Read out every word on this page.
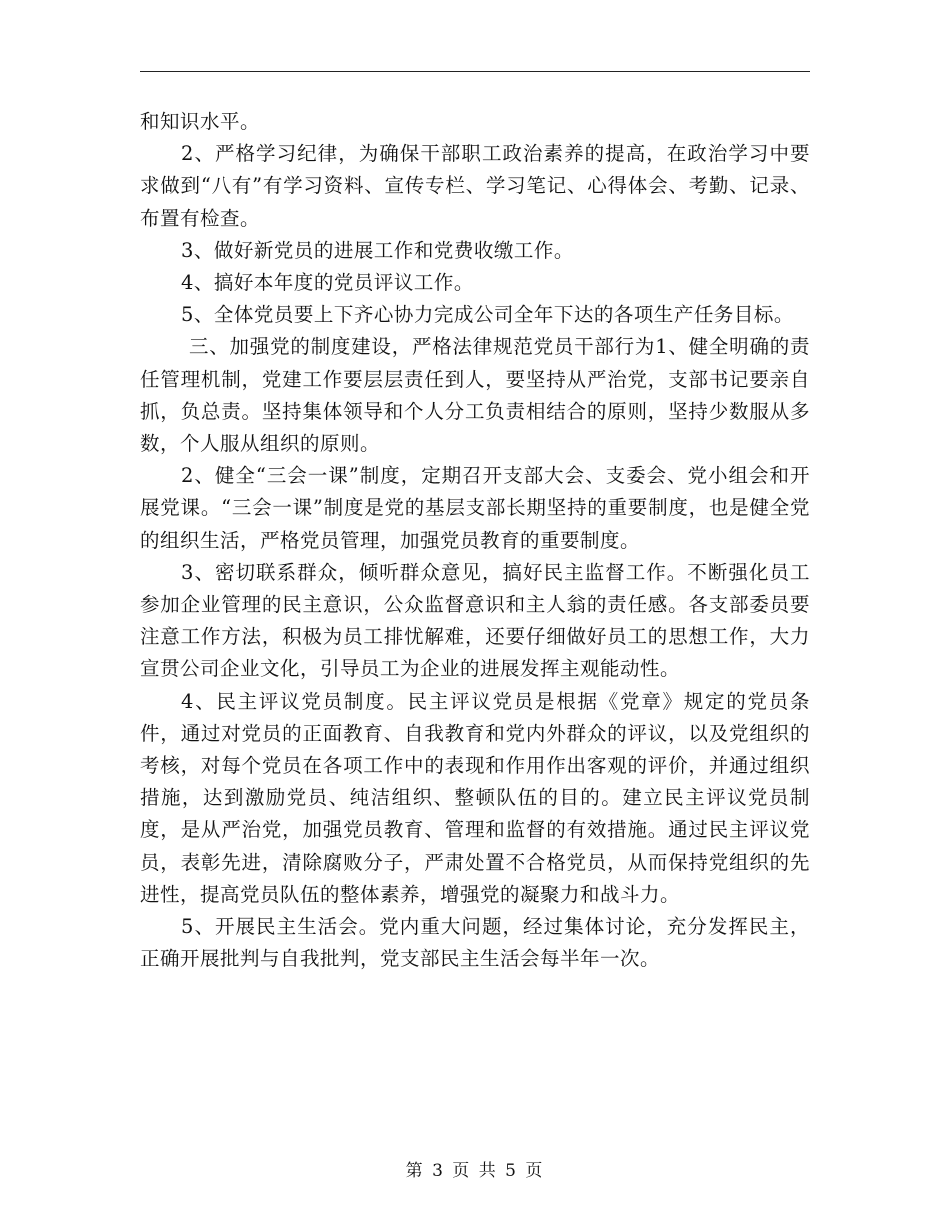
和知识水平。

2、严格学习纪律，为确保干部职工政治素养的提高，在政治学习中要求做到“八有”有学习资料、宣传专栏、学习笔记、心得体会、考勤、记录、布置有检查。

3、做好新党员的进展工作和党费收缴工作。

4、搞好本年度的党员评议工作。

5、全体党员要上下齐心协力完成公司全年下达的各项生产任务目标。

三、加强党的制度建设，严格法律规范党员干部行为1、健全明确的责任管理机制，党建工作要层层责任到人，要坚持从严治党，支部书记要亲自抓，负总责。坚持集体领导和个人分工负责相结合的原则，坚持少数服从多数，个人服从组织的原则。

2、健全“三会一课”制度，定期召开支部大会、支委会、党小组会和开展党课。“三会一课”制度是党的基层支部长期坚持的重要制度，也是健全党的组织生活，严格党员管理，加强党员教育的重要制度。

3、密切联系群众，倾听群众意见，搞好民主监督工作。不断强化员工参加企业管理的民主意识，公众监督意识和主人翁的责任感。各支部委员要注意工作方法，积极为员工排忧解难，还要仔细做好员工的思想工作，大力宣贯公司企业文化，引导员工为企业的进展发挥主观能动性。

4、民主评议党员制度。民主评议党员是根据《党章》规定的党员条件，通过对党员的正面教育、自我教育和党内外群众的评议，以及党组织的考核，对每个党员在各项工作中的表现和作用作出客观的评价，并通过组织措施，达到激励党员、纯洁组织、整顿队伍的目的。建立民主评议党员制度，是从严治党，加强党员教育、管理和监督的有效措施。通过民主评议党员，表彰先进，清除腐败分子，严肃处置不合格党员，从而保持党组织的先进性，提高党员队伍的整体素养，增强党的凝聚力和战斗力。

5、开展民主生活会。党内重大问题，经过集体讨论，充分发挥民主，正确开展批判与自我批判，党支部民主生活会每半年一次。

第 3 页 共 5 页
